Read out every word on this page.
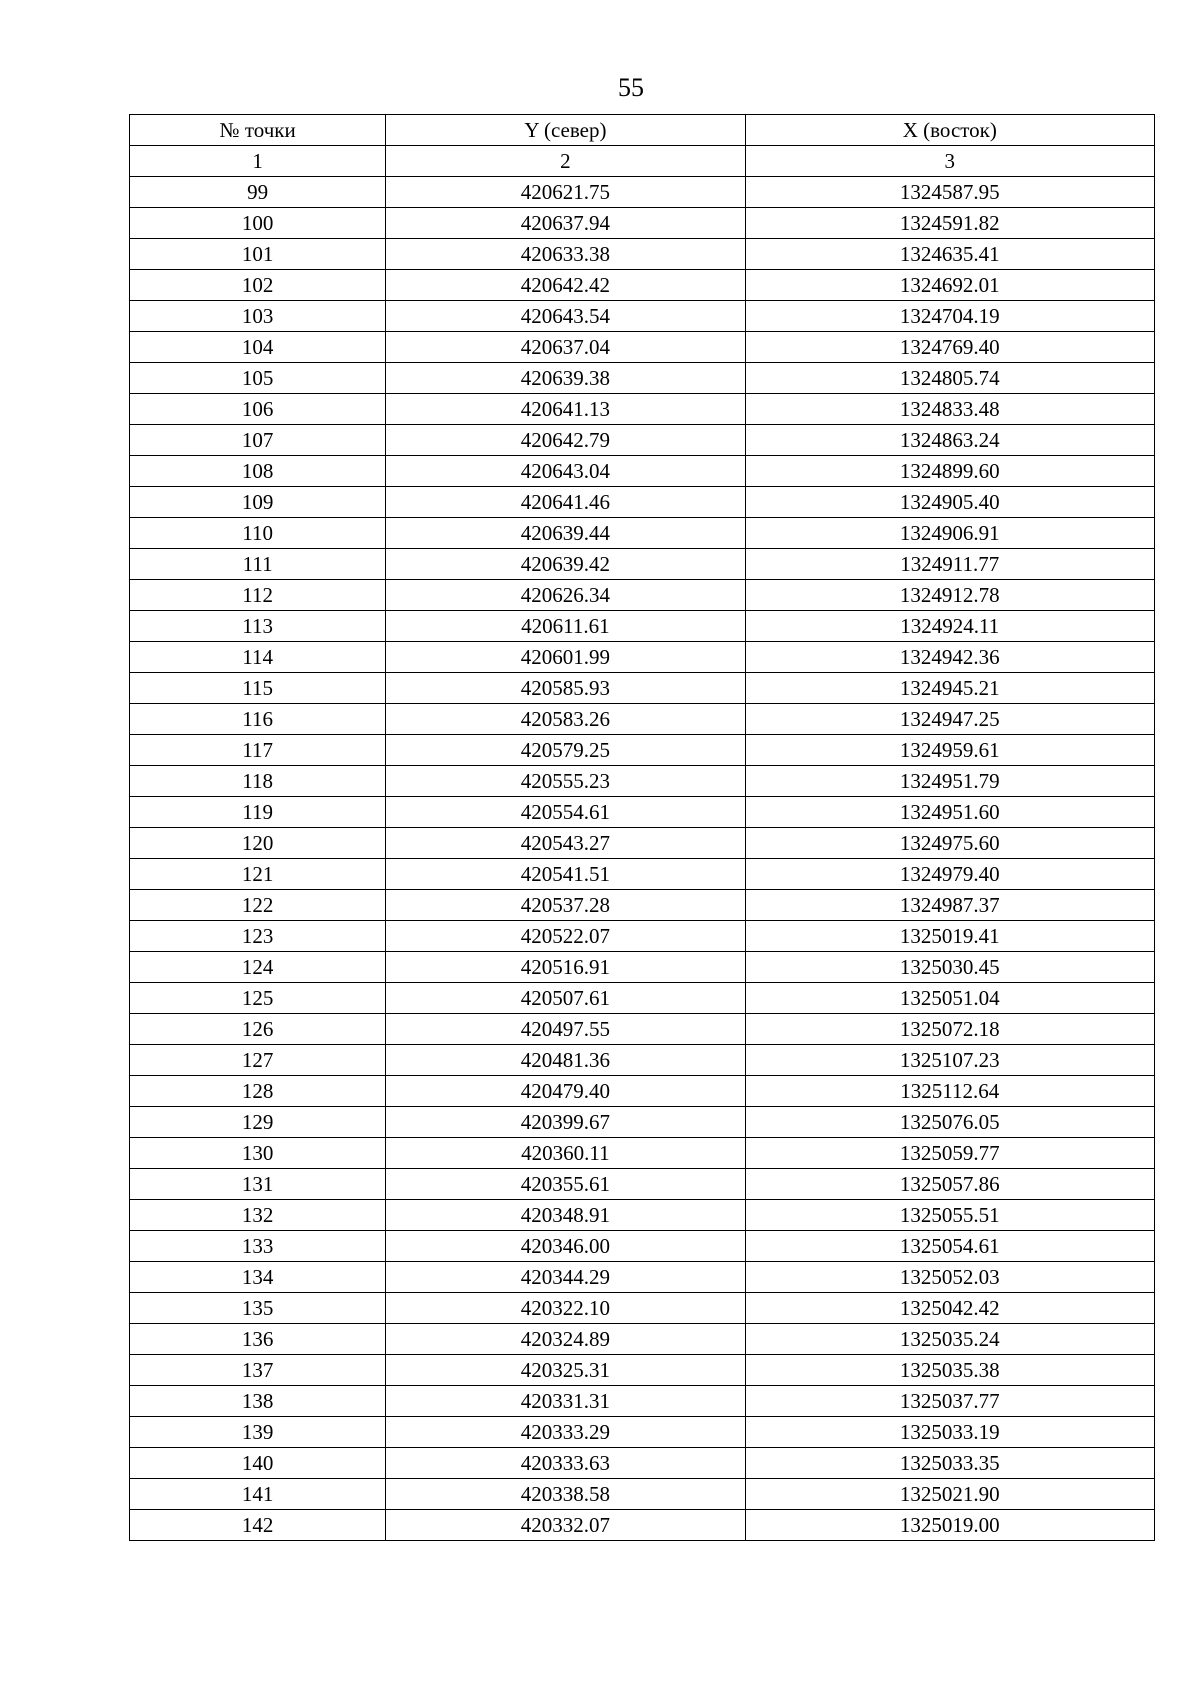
55
№ точки	Y (север)	X (восток)
1	2	3
99	420621.75	1324587.95
100	420637.94	1324591.82
101	420633.38	1324635.41
102	420642.42	1324692.01
103	420643.54	1324704.19
104	420637.04	1324769.40
105	420639.38	1324805.74
106	420641.13	1324833.48
107	420642.79	1324863.24
108	420643.04	1324899.60
109	420641.46	1324905.40
110	420639.44	1324906.91
111	420639.42	1324911.77
112	420626.34	1324912.78
113	420611.61	1324924.11
114	420601.99	1324942.36
115	420585.93	1324945.21
116	420583.26	1324947.25
117	420579.25	1324959.61
118	420555.23	1324951.79
119	420554.61	1324951.60
120	420543.27	1324975.60
121	420541.51	1324979.40
122	420537.28	1324987.37
123	420522.07	1325019.41
124	420516.91	1325030.45
125	420507.61	1325051.04
126	420497.55	1325072.18
127	420481.36	1325107.23
128	420479.40	1325112.64
129	420399.67	1325076.05
130	420360.11	1325059.77
131	420355.61	1325057.86
132	420348.91	1325055.51
133	420346.00	1325054.61
134	420344.29	1325052.03
135	420322.10	1325042.42
136	420324.89	1325035.24
137	420325.31	1325035.38
138	420331.31	1325037.77
139	420333.29	1325033.19
140	420333.63	1325033.35
141	420338.58	1325021.90
142	420332.07	1325019.00
